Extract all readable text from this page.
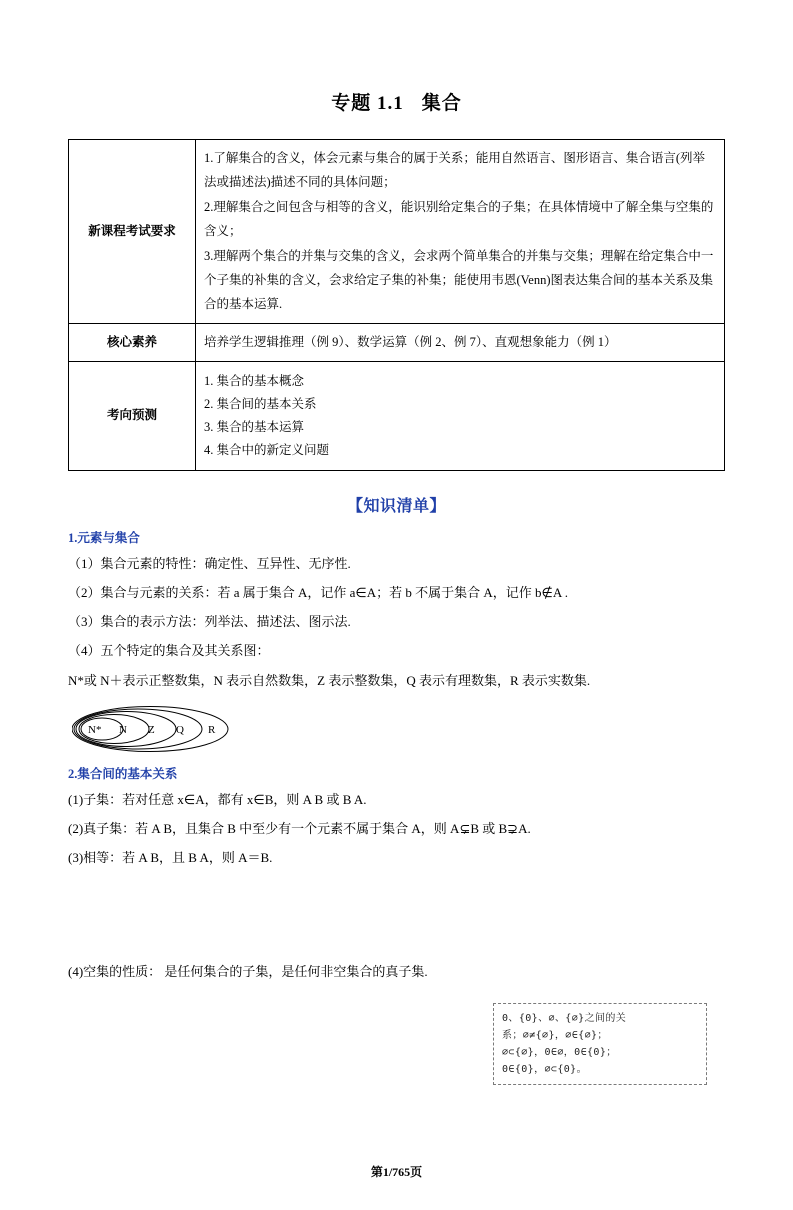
专题 1.1 集合
新课程考试要求	1.了解集合的含义，体会元素与集合的属于关系；能用自然语言、图形语言、集合语言(列举法或描述法)描述不同的具体问题；

2.理解集合之间包含与相等的含义，能识别给定集合的子集；在具体情境中了解全集与空集的含义；

3.理解两个集合的并集与交集的含义，会求两个简单集合的并集与交集；理解在给定集合中一个子集的补集的含义，会求给定子集的补集；能使用韦恩(Venn)图表达集合间的基本关系及集合的基本运算.

核心素养	培养学生逻辑推理（例 9）、数学运算（例 2、例 7）、直观想象能力（例 1）

考向预测	1. 集合的基本概念

2. 集合间的基本关系

3. 集合的基本运算

4. 集合中的新定义问题

【知识清单】
1.元素与集合

（1）集合元素的特性：确定性、互异性、无序性.

（2）集合与元素的关系：若 a 属于集合 A，记作 a∈A；若 b 不属于集合 A，记作 b∉A .

（3）集合的表示方法：列举法、描述法、图示法.

（4）五个特定的集合及其关系图：

N*或 N＋表示正整数集，N 表示自然数集，Z 表示整数集，Q 表示有理数集，R 表示实数集.

N* N Z Q R
2.集合间的基本关系

(1)子集：若对任意 x∈A，都有 x∈B，则 A B 或 B A.

(2)真子集：若 A B，且集合 B 中至少有一个元素不属于集合 A，则 A⊊B 或 B⊋A.

(3)相等：若 A B，且 B A，则 A＝B.

(4)空集的性质： 是任何集合的子集，是任何非空集合的真子集.

0、{0}、∅、{∅}之间的关

系；∅≠{∅}，∅∈{∅}；

∅⊂{∅}，0∈∅，0∈{0}；

0∈{0}，∅⊂{0}。

第1/765页
